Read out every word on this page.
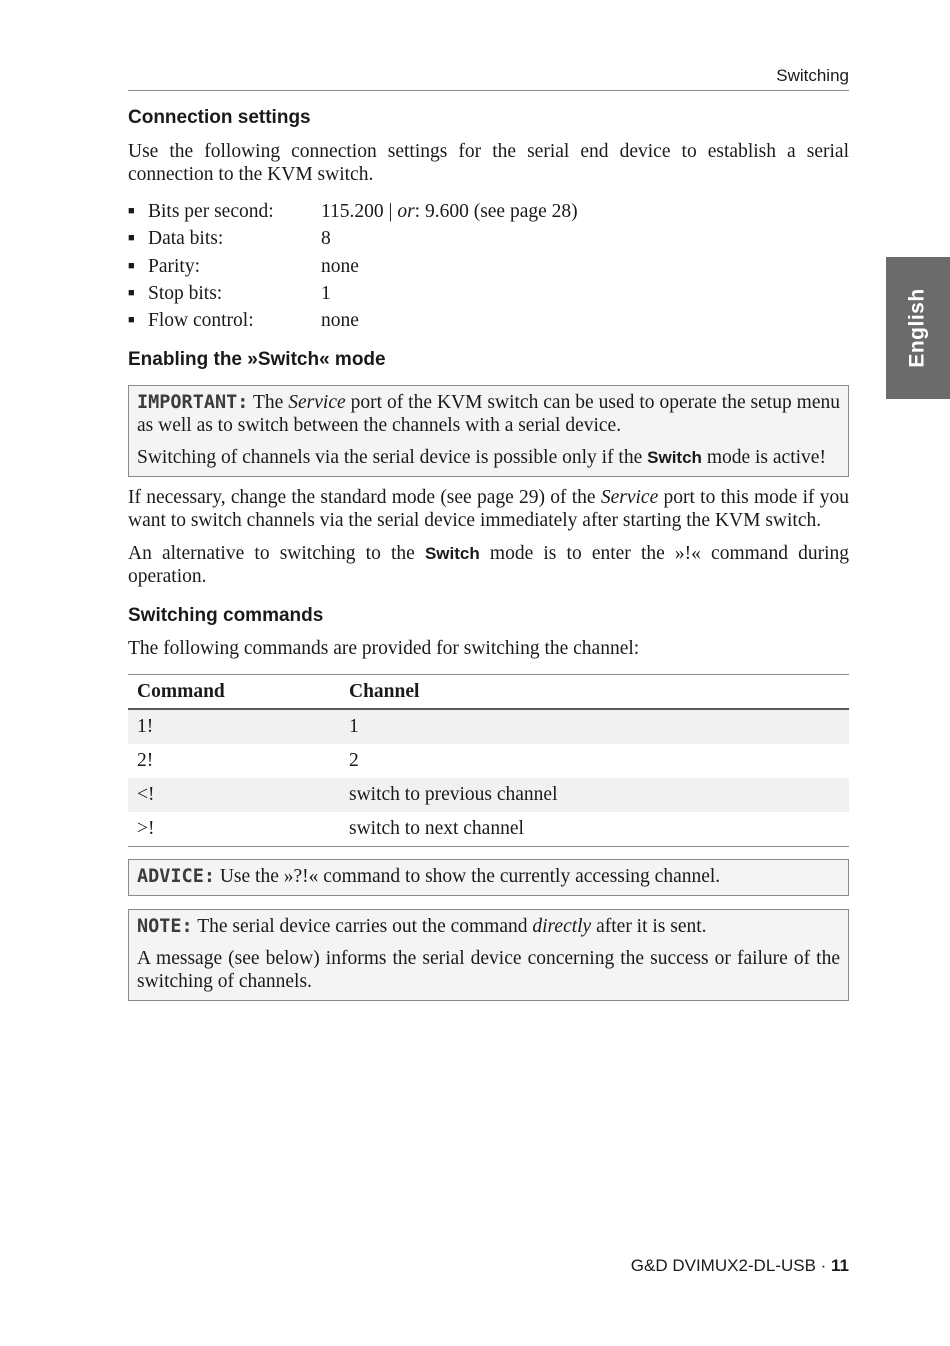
Switching
English
Connection settings

Use the following connection settings for the serial end device to establish a serial connection to the KVM switch.

■ Bits per second:	115.200 | or: 9.600 (see page 28)
■ Data bits:	8
■ Parity:	none
■ Stop bits:	1
■ Flow control:	none
Enabling the »Switch« mode

IMPORTANT: The Service port of the KVM switch can be used to operate the setup menu as well as to switch between the channels with a serial device.

Switching of channels via the serial device is possible only if the Switch mode is active!

If necessary, change the standard mode (see page 29) of the Service port to this mode if you want to switch channels via the serial device immediately after starting the KVM switch.

An alternative to switching to the Switch mode is to enter the »!« command during operation.

Switching commands

The following commands are provided for switching the channel:

Command	Channel
1!	1
2!	2
<!	switch to previous channel
>!	switch to next channel

ADVICE: Use the »?!« command to show the currently accessing channel.

NOTE: The serial device carries out the command directly after it is sent.

A message (see below) informs the serial device concerning the success or failure of the switching of channels.

G&D DVIMUX2-DL-USB · 11
